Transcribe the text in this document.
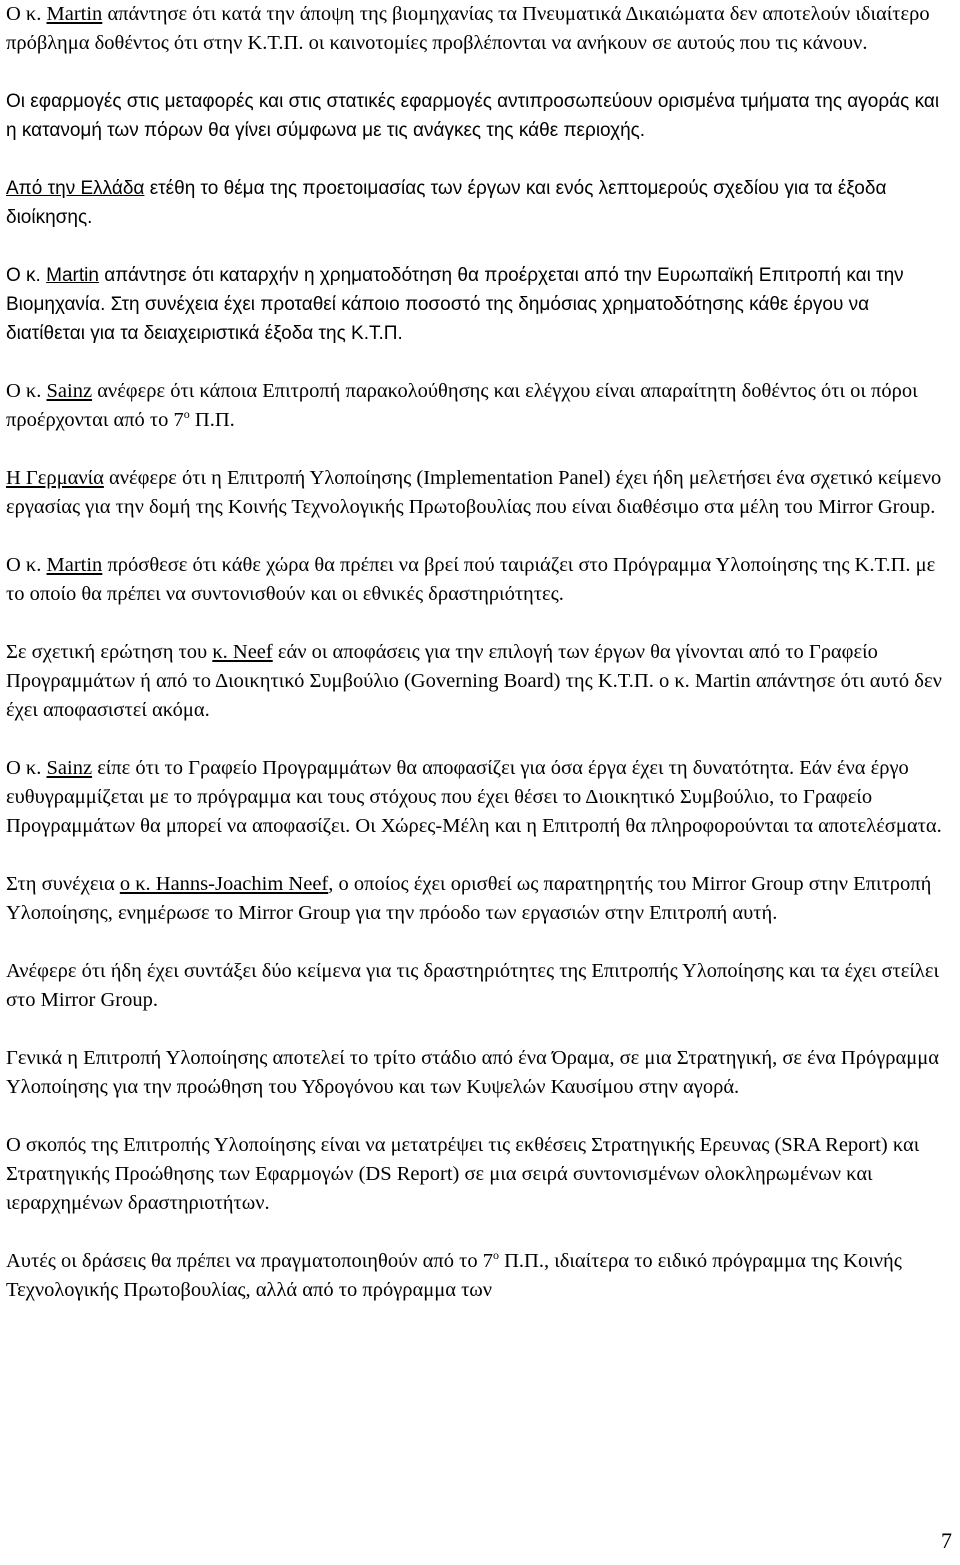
Ο κ. Martin απάντησε ότι κατά την άποψη της βιομηχανίας τα Πνευματικά Δικαιώματα δεν αποτελούν ιδιαίτερο πρόβλημα δοθέντος ότι στην Κ.Τ.Π. οι καινοτομίες προβλέπονται να ανήκουν σε αυτούς που τις κάνουν.

Οι εφαρμογές στις μεταφορές και στις στατικές εφαρμογές αντιπροσωπεύουν ορισμένα τμήματα της αγοράς και η κατανομή των πόρων θα γίνει σύμφωνα με τις ανάγκες της κάθε περιοχής.

Από την Ελλάδα ετέθη το θέμα της προετοιμασίας των έργων και ενός λεπτομερούς σχεδίου για τα έξοδα διοίκησης.

Ο κ. Martin απάντησε ότι καταρχήν η χρηματοδότηση θα προέρχεται από την Ευρωπαϊκή Επιτροπή και την Βιομηχανία. Στη συνέχεια έχει προταθεί κάποιο ποσοστό της δημόσιας χρηματοδότησης κάθε έργου να διατίθεται για τα δειαχειριστικά έξοδα της Κ.Τ.Π.

Ο κ. Sainz ανέφερε ότι κάποια Επιτροπή παρακολούθησης και ελέγχου είναι απαραίτητη δοθέντος ότι οι πόροι προέρχονται από το $7^o$ Π.Π.

Η Γερμανία ανέφερε ότι η Επιτροπή Υλοποίησης (Implementation Panel) έχει ήδη μελετήσει ένα σχετικό κείμενο εργασίας για την δομή της Κοινής Τεχνολογικής Πρωτοβουλίας που είναι διαθέσιμο στα μέλη του Mirror Group.

Ο κ. Martin πρόσθεσε ότι κάθε χώρα θα πρέπει να βρεί πού ταιριάζει στο Πρόγραμμα Υλοποίησης της Κ.Τ.Π. με το οποίο θα πρέπει να συντονισθούν και οι εθνικές δραστηριότητες.

Σε σχετική ερώτηση του κ. Neef εάν οι αποφάσεις για την επιλογή των έργων θα γίνονται από το Γραφείο Προγραμμάτων ή από το Διοικητικό Συμβούλιο (Governing Board) της Κ.Τ.Π. ο κ. Martin απάντησε ότι αυτό δεν έχει αποφασιστεί ακόμα.

Ο κ. Sainz είπε ότι το Γραφείο Προγραμμάτων θα αποφασίζει για όσα έργα έχει τη δυνατότητα. Εάν ένα έργο ευθυγραμμίζεται με το πρόγραμμα και τους στόχους που έχει θέσει το Διοικητικό Συμβούλιο, το Γραφείο Προγραμμάτων θα μπορεί να αποφασίζει. Οι Χώρες-Μέλη και η Επιτροπή θα πληροφορούνται τα αποτελέσματα.

Στη συνέχεια ο κ. Hanns-Joachim Neef, ο οποίος έχει ορισθεί ως παρατηρητής του Mirror Group στην Επιτροπή Υλοποίησης, ενημέρωσε το Mirror Group για την πρόοδο των εργασιών στην Επιτροπή αυτή.

Ανέφερε ότι ήδη έχει συντάξει δύο κείμενα για τις δραστηριότητες της Επιτροπής Υλοποίησης και τα έχει στείλει στο Mirror Group.

Γενικά η Επιτροπή Υλοποίησης αποτελεί το τρίτο στάδιο από ένα Όραμα, σε μια Στρατηγική, σε ένα Πρόγραμμα Υλοποίησης για την προώθηση του Υδρογόνου και των Κυψελών Καυσίμου στην αγορά.

Ο σκοπός της Επιτροπής Υλοποίησης είναι να μετατρέψει τις εκθέσεις Στρατηγικής Ερευνας (SRA Report) και Στρατηγικής Προώθησης των Εφαρμογών (DS Report) σε μια σειρά συντονισμένων ολοκληρωμένων και ιεραρχημένων δραστηριοτήτων.

Αυτές οι δράσεις θα πρέπει να πραγματοποιηθούν από το $7^o$ Π.Π., ιδιαίτερα το ειδικό πρόγραμμα της Κοινής Τεχνολογικής Πρωτοβουλίας, αλλά από το πρόγραμμα των

7
